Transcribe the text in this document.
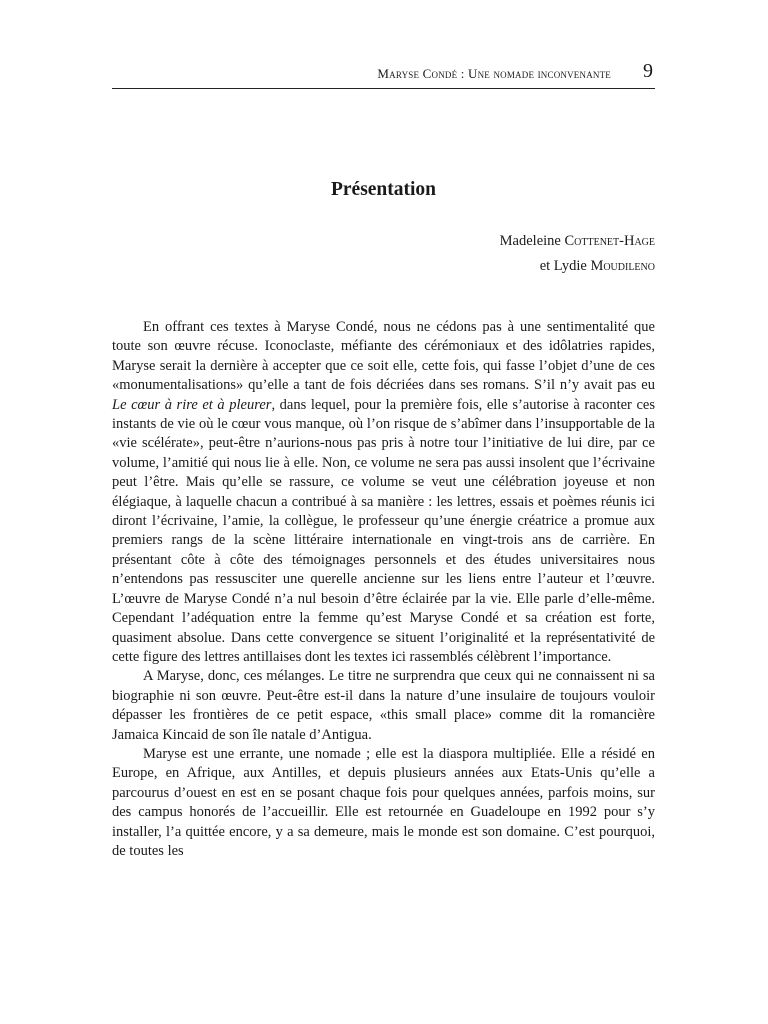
Maryse Condé : Une nomade inconvenante 9
Présentation
Madeleine Cottenet-Hage
et Lydie Moudileno

En offrant ces textes à Maryse Condé, nous ne cédons pas à une sentimentalité que toute son œuvre récuse. Iconoclaste, méfiante des cérémoniaux et des idôlatries rapides, Maryse serait la dernière à accepter que ce soit elle, cette fois, qui fasse l’objet d’une de ces «monumentalisations» qu’elle a tant de fois décriées dans ses romans. S’il n’y avait pas eu Le cœur à rire et à pleurer, dans lequel, pour la première fois, elle s’autorise à raconter ces instants de vie où le cœur vous manque, où l’on risque de s’abîmer dans l’insupportable de la «vie scélérate», peut-être n’aurions-nous pas pris à notre tour l’initiative de lui dire, par ce volume, l’amitié qui nous lie à elle. Non, ce volume ne sera pas aussi insolent que l’écrivaine peut l’être. Mais qu’elle se rassure, ce volume se veut une célébration joyeuse et non élégiaque, à laquelle chacun a contribué à sa manière : les lettres, essais et poèmes réunis ici diront l’écrivaine, l’amie, la collègue, le professeur qu’une énergie créatrice a promue aux premiers rangs de la scène littéraire internationale en vingt-trois ans de carrière. En présentant côte à côte des témoignages personnels et des études universitaires nous n’entendons pas ressusciter une querelle ancienne sur les liens entre l’auteur et l’œuvre. L’œuvre de Maryse Condé n’a nul besoin d’être éclairée par la vie. Elle parle d’elle-même. Cependant l’adéquation entre la femme qu’est Maryse Condé et sa création est forte, quasiment absolue. Dans cette convergence se situent l’originalité et la représentativité de cette figure des lettres antillaises dont les textes ici rassemblés célèbrent l’importance.

A Maryse, donc, ces mélanges. Le titre ne surprendra que ceux qui ne connaissent ni sa biographie ni son œuvre. Peut-être est-il dans la nature d’une insulaire de toujours vouloir dépasser les frontières de ce petit espace, «this small place» comme dit la romancière Jamaica Kincaid de son île natale d’Antigua.

Maryse est une errante, une nomade ; elle est la diaspora multipliée. Elle a résidé en Europe, en Afrique, aux Antilles, et depuis plusieurs années aux Etats-Unis qu’elle a parcourus d’ouest en est en se posant chaque fois pour quelques années, parfois moins, sur des campus honorés de l’accueillir. Elle est retournée en Guadeloupe en 1992 pour s’y installer, l’a quittée encore, y a sa demeure, mais le monde est son domaine. C’est pourquoi, de toutes les
